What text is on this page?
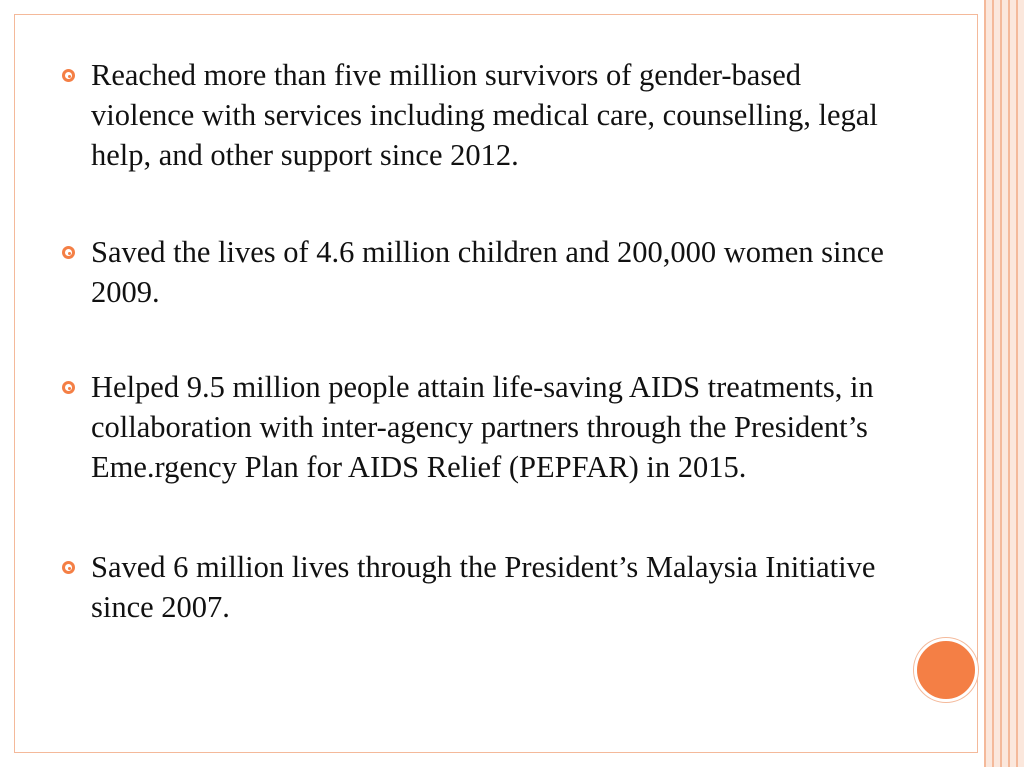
Reached more than five million survivors of gender-based violence with services including medical care, counselling, legal help, and other support since 2012.
Saved the lives of 4.6 million children and 200,000 women since 2009.
Helped 9.5 million people attain life-saving AIDS treatments, in collaboration with inter-agency partners through the President’s Eme.rgency Plan for AIDS Relief (PEPFAR) in 2015.
Saved 6 million lives through the President’s Malaysia Initiative since 2007.
